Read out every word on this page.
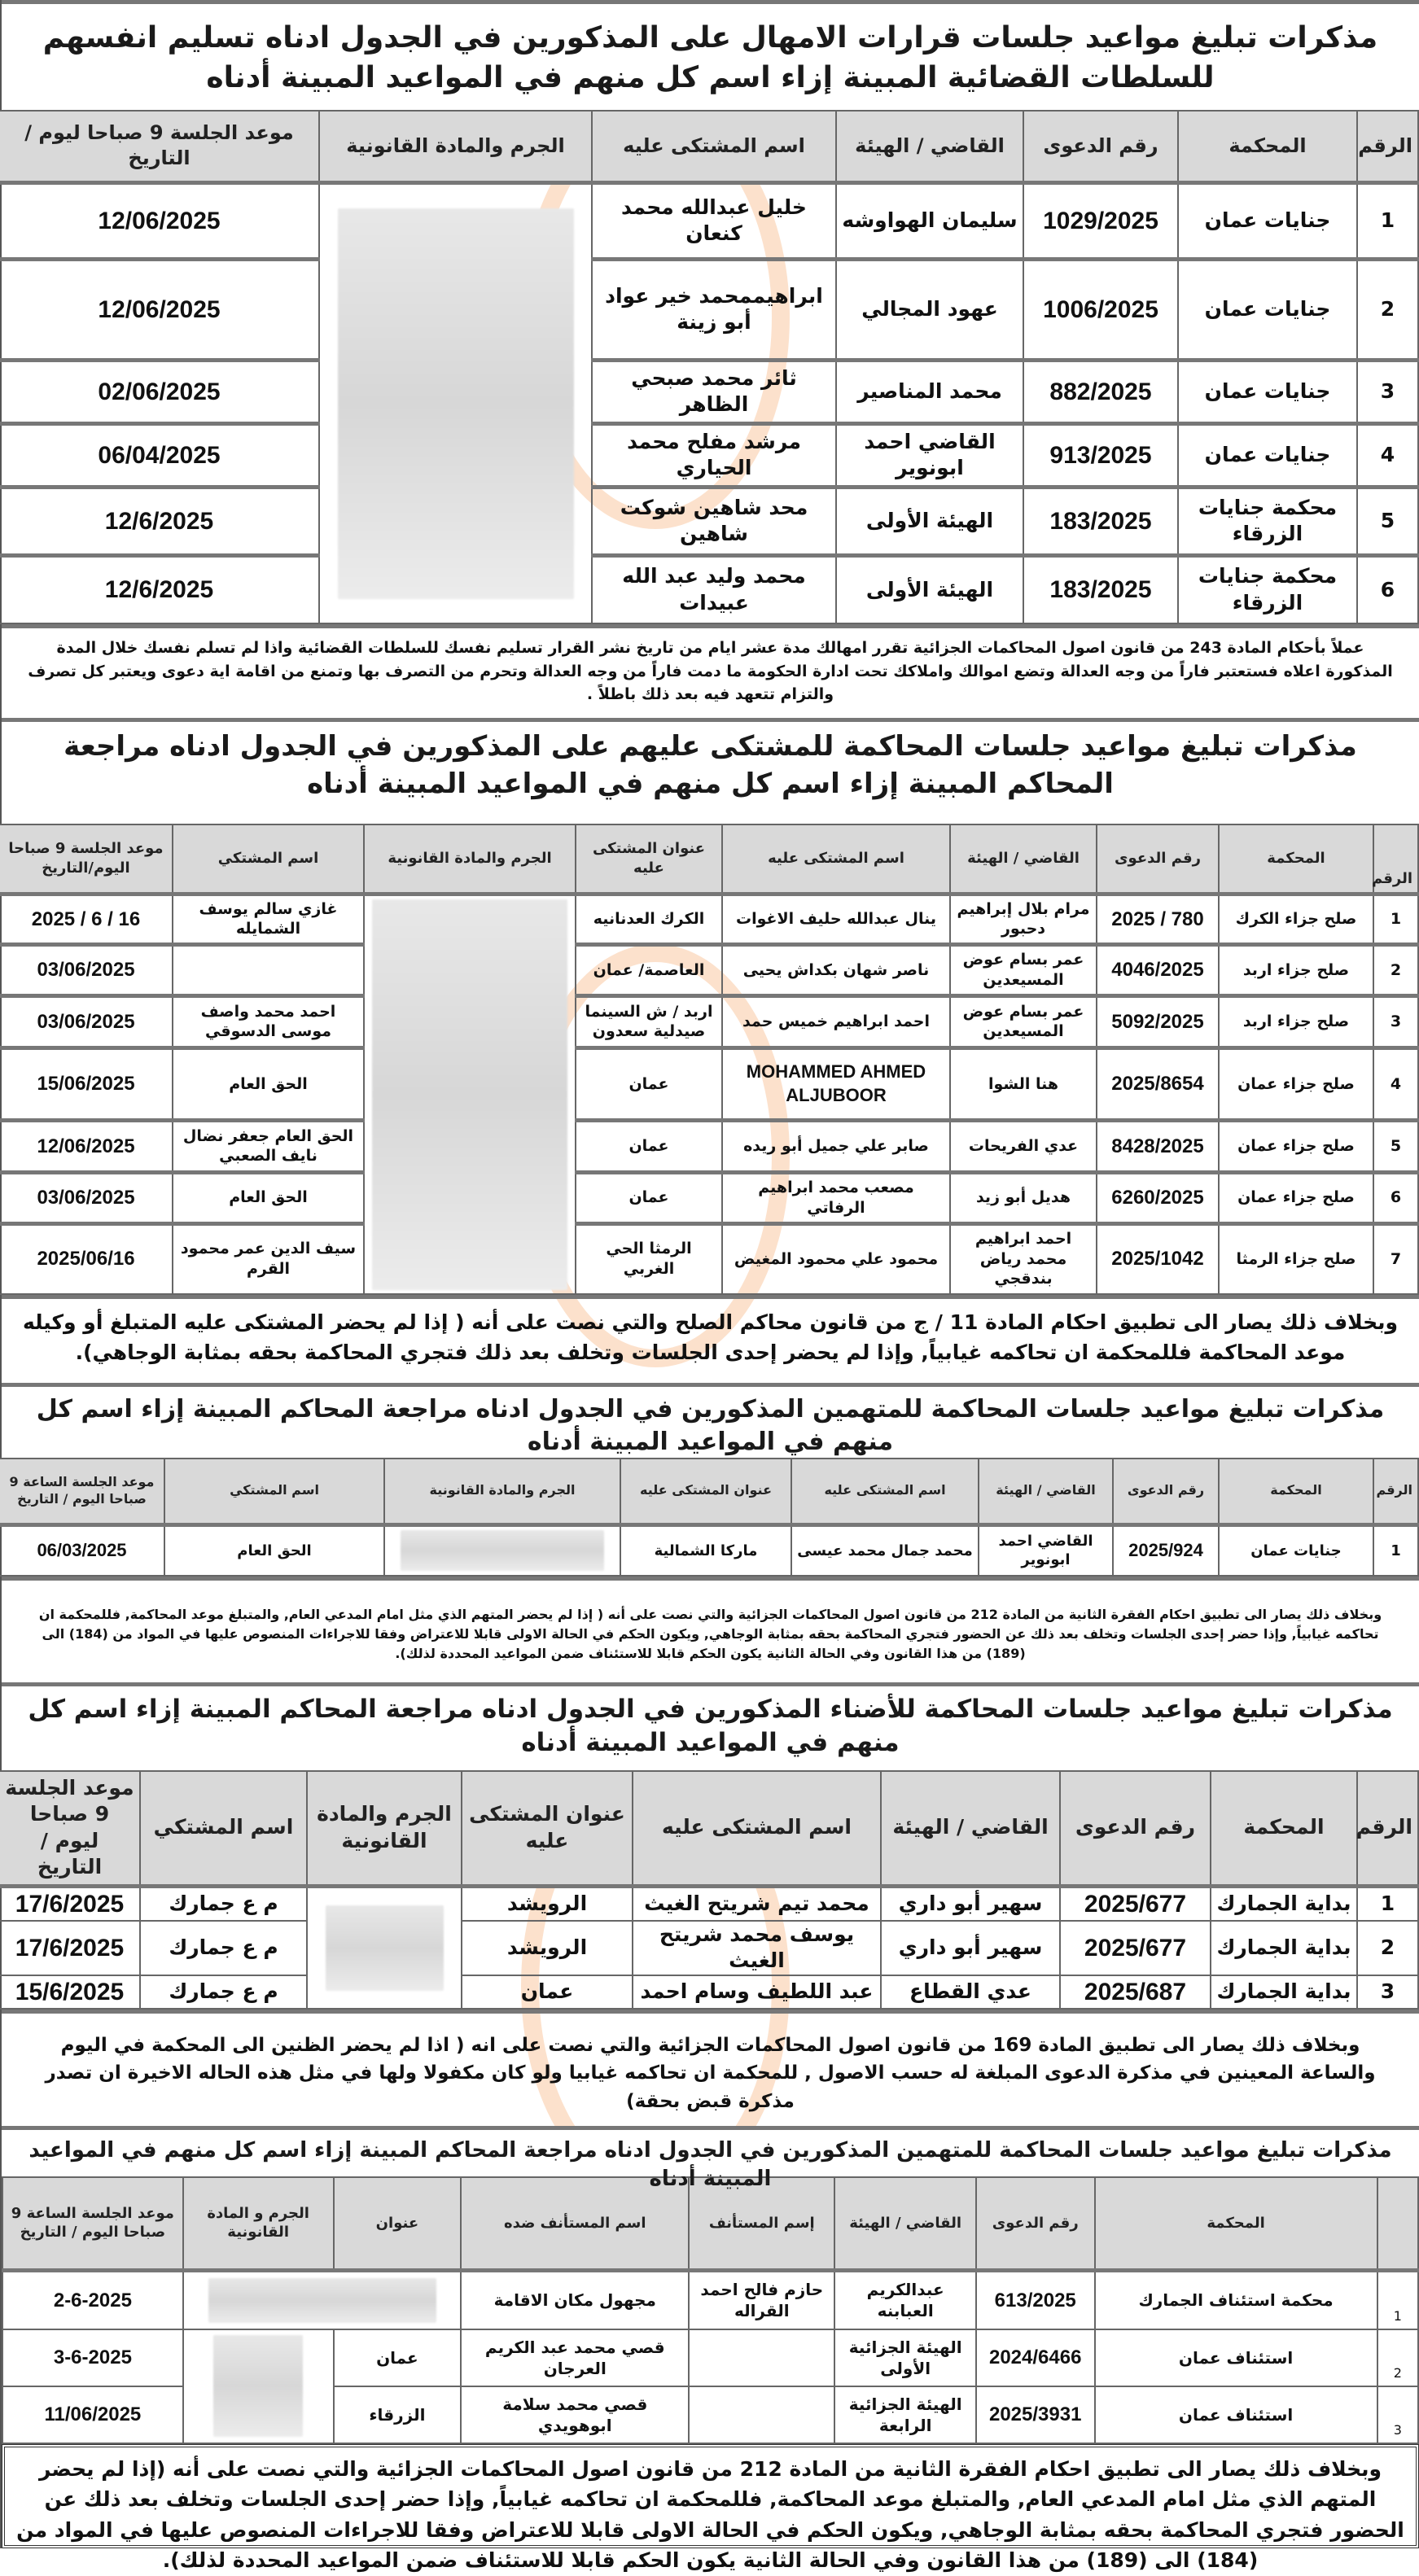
مذكرات تبليغ مواعيد جلسات قرارات الامهال على المذكورين في الجدول ادناه تسليم انفسهم للسلطات القضائية المبينة إزاء اسم كل منهم في المواعيد المبينة أدناه
الرقم	المحكمة	رقم الدعوى	القاضي / الهيئة	اسم المشتكى عليه	الجرم والمادة القانونية	موعد الجلسة 9 صباحا ليوم / التاريخ
1	جنايات عمان	1029/2025	سليمان الهواوشه	خليل عبدالله محمد كنعان		12/06/2025
2	جنايات عمان	1006/2025	عهود المجالي	ابراهيممحمد خير عواد أبو زينة		12/06/2025
3	جنايات عمان	882/2025	محمد المناصير	ثائر محمد صبحي الظاهر		02/06/2025
4	جنايات عمان	913/2025	القاضي احمد ابونوير	مرشد مفلح محمد الحياري		06/04/2025
5	محكمة جنايات الزرقاء	183/2025	الهيئة الأولى	محد شاهين شوكت شاهين		12/6/2025
6	محكمة جنايات الزرقاء	183/2025	الهيئة الأولى	محمد وليد عبد الله عبيدات		12/6/2025

عملاً بأحكام المادة 243 من قانون اصول المحاكمات الجزائية تقرر امهالك مدة عشر ايام من تاريخ نشر القرار تسليم نفسك للسلطات القضائية واذا لم تسلم نفسك خلال المدة المذكورة اعلاه فستعتبر فاراً من وجه العدالة وتضع اموالك واملاكك تحت ادارة الحكومة ما دمت فاراً من وجه العدالة وتحرم من التصرف بها وتمنع من اقامة اية دعوى ويعتبر كل تصرف والتزام تتعهد فيه بعد ذلك باطلاً .

مذكرات تبليغ مواعيد جلسات المحاكمة للمشتكى عليهم على المذكورين في الجدول ادناه مراجعة المحاكم المبينة إزاء اسم كل منهم في المواعيد المبينة أدناه
الرقم	المحكمة	رقم الدعوى	القاضي / الهيئة	اسم المشتكى عليه	عنوان المشتكى عليه	الجرم والمادة القانونية	اسم المشتكي	موعد الجلسة 9 صباحا اليوم/التاريخ
1	صلح جزاء الكرك	780 / 2025	مرام بلال إبراهيم دحبور	ينال عبدالله حليف الاغوات	الكرك العدنانيه		غازي سالم يوسف الشمايله	16 / 6 / 2025
2	صلح جزاء اربد	4046/2025	عمر بسام عوض المسيعدين	ناصر شهان بكداش يحيى	العاصمة/ عمان			03/06/2025
3	صلح جزاء اربد	5092/2025	عمر بسام عوض المسيعدين	احمد ابراهيم خميس حمد	اربد / ش السينما صيدلية سعدون		احمد محمد واصف موسى الدسوقي	03/06/2025
4	صلح جزاء عمان	2025/8654	هنا الشوا	MOHAMMED AHMED ALJUBOOR	عمان		الحق العام	15/06/2025
5	صلح جزاء عمان	8428/2025	عدي الفريحات	صابر علي جميل أبو ريده	عمان		الحق العام جعفر نضال نايف الصعبي	12/06/2025
6	صلح جزاء عمان	6260/2025	هديل أبو زيد	مصعب محمد ابراهيم الرفاتي	عمان		الحق العام	03/06/2025
7	صلح جزاء الرمثا	2025/1042	احمد ابراهيم محمد رياض بندقجي	محمود علي محمود المغيض	الرمثا الحي الغربي		سيف الدين عمر محمود القرم	2025/06/16

وبخلاف ذلك يصار الى تطبيق احكام المادة 11 / ج من قانون محاكم الصلح والتي نصت على أنه ( إذا لم يحضر المشتكى عليه المتبلغ أو وكيله موعد المحاكمة فللمحكمة ان تحاكمه غيابياً, وإذا لم يحضر إحدى الجلسات وتخلف بعد ذلك فتجري المحاكمة بحقه بمثابة الوجاهي).

مذكرات تبليغ مواعيد جلسات المحاكمة للمتهمين المذكورين في الجدول ادناه مراجعة المحاكم المبينة إزاء اسم كل منهم في المواعيد المبينة أدناه
الرقم	المحكمة	رقم الدعوى	القاضي / الهيئة	اسم المشتكى عليه	عنوان المشتكى عليه	الجرم والمادة القانونية	اسم المشتكي	موعد الجلسة الساعة 9 صباحا اليوم / التاريخ
1	جنايات عمان	2025/924	القاضي احمد ابونوير	محمد جمال محمد عيسى	ماركا الشمالية		الحق العام	06/03/2025

وبخلاف ذلك يصار الى تطبيق احكام الفقرة الثانية من المادة 212 من قانون اصول المحاكمات الجزائية والتي نصت على أنه ( إذا لم يحضر المتهم الذي مثل امام المدعي العام, والمتبلغ موعد المحاكمة, فللمحكمة ان تحاكمه غيابياً, وإذا حضر إحدى الجلسات وتخلف بعد ذلك عن الحضور فتجري المحاكمة بحقه بمثابة الوجاهي, ويكون الحكم في الحالة الاولى قابلا للاعتراض وفقا للاجراءات المنصوص عليها في المواد من (184) الى (189) من هذا القانون وفي الحالة الثانية يكون الحكم قابلا للاستئناف ضمن المواعيد المحددة لذلك).

مذكرات تبليغ مواعيد جلسات المحاكمة للأضناء المذكورين في الجدول ادناه مراجعة المحاكم المبينة إزاء اسم كل منهم في المواعيد المبينة أدناه
الرقم	المحكمة	رقم الدعوى	القاضي / الهيئة	اسم المشتكى عليه	عنوان المشتكى عليه	الجرم والمادة القانونية	اسم المشتكي	موعد الجلسة 9 صباحا ليوم / التاريخ
1	بداية الجمارك	2025/677	سهير أبو داري	محمد تيم شريتح الغيث	الرويشد		م ع جمارك	17/6/2025
2	بداية الجمارك	2025/677	سهير أبو داري	يوسف محمد شريتح الغيث	الرويشد		م ع جمارك	17/6/2025
3	بداية الجمارك	2025/687	عدي القطاع	عبد اللطيف وسام احمد	عمان		م ع جمارك	15/6/2025

وبخلاف ذلك يصار الى تطبيق المادة 169 من قانون اصول المحاكمات الجزائية والتي نصت على انه ( اذا لم يحضر الظنين الى المحكمة في اليوم والساعة المعينين في مذكرة الدعوى المبلغة له حسب الاصول , للمحكمة ان تحاكمه غيابيا ولو كان مكفولا ولها في مثل هذه الحاله الاخيرة ان تصدر مذكرة قبض بحقة)

مذكرات تبليغ مواعيد جلسات المحاكمة للمتهمين المذكورين في الجدول ادناه مراجعة المحاكم المبينة إزاء اسم كل منهم في المواعيد المبينة أدناه
	المحكمة	رقم الدعوى	القاضي / الهيئة	إسم المستأنف	اسم المستأنف ضده	عنوان	الجرم و المادة القانونية	موعد الجلسة الساعة 9 صباحا اليوم / التاريخ
1	محكمة استئناف الجمارك	613/2025	عبدالكريم العبابنه	حازم فالح احمد القراله	مجهول مكان الاقامة			2-6-2025
2	استئناف عمان	2024/6466	الهيئة الجزائية الأولى		قصي محمد عبد الكريم العرجان	عمان		3-6-2025
3	استئناف عمان	2025/3931	الهيئة الجزائية الرابعة		قصي محمد سلامة ابوهويدي	الزرقاء		11/06/2025

وبخلاف ذلك يصار الى تطبيق احكام الفقرة الثانية من المادة 212 من قانون اصول المحاكمات الجزائية والتي نصت على أنه (إذا لم يحضر المتهم الذي مثل امام المدعي العام, والمتبلغ موعد المحاكمة, فللمحكمة ان تحاكمه غيابياً, وإذا حضر إحدى الجلسات وتخلف بعد ذلك عن الحضور فتجري المحاكمة بحقه بمثابة الوجاهي, ويكون الحكم في الحالة الاولى قابلا للاعتراض وفقا للاجراءات المنصوص عليها في المواد من (184) الى (189) من هذا القانون وفي الحالة الثانية يكون الحكم قابلا للاستئناف ضمن المواعيد المحددة لذلك).
